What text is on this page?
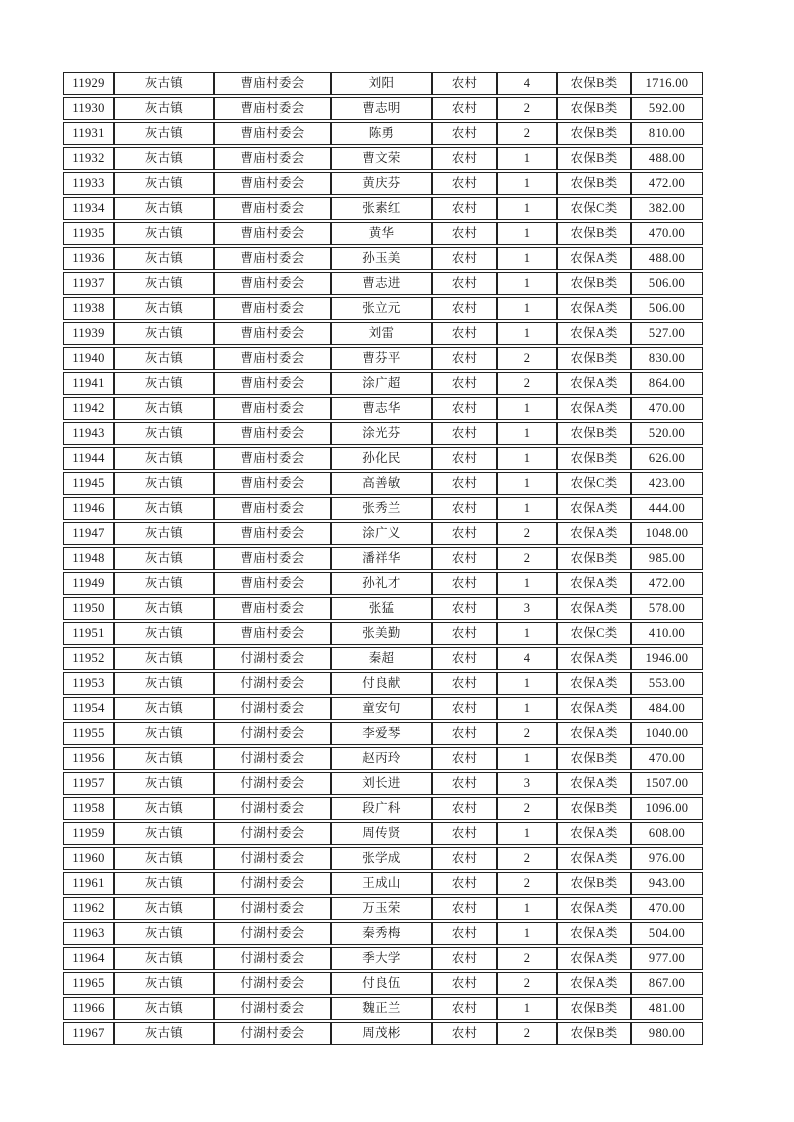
11929	灰古镇	曹庙村委会	刘阳	农村	4	农保B类	1716.00
11930	灰古镇	曹庙村委会	曹志明	农村	2	农保B类	592.00
11931	灰古镇	曹庙村委会	陈勇	农村	2	农保B类	810.00
11932	灰古镇	曹庙村委会	曹文荣	农村	1	农保B类	488.00
11933	灰古镇	曹庙村委会	黄庆芬	农村	1	农保B类	472.00
11934	灰古镇	曹庙村委会	张素红	农村	1	农保C类	382.00
11935	灰古镇	曹庙村委会	黄华	农村	1	农保B类	470.00
11936	灰古镇	曹庙村委会	孙玉美	农村	1	农保A类	488.00
11937	灰古镇	曹庙村委会	曹志进	农村	1	农保B类	506.00
11938	灰古镇	曹庙村委会	张立元	农村	1	农保A类	506.00
11939	灰古镇	曹庙村委会	刘雷	农村	1	农保A类	527.00
11940	灰古镇	曹庙村委会	曹芬平	农村	2	农保B类	830.00
11941	灰古镇	曹庙村委会	涂广超	农村	2	农保A类	864.00
11942	灰古镇	曹庙村委会	曹志华	农村	1	农保A类	470.00
11943	灰古镇	曹庙村委会	涂光芬	农村	1	农保B类	520.00
11944	灰古镇	曹庙村委会	孙化民	农村	1	农保B类	626.00
11945	灰古镇	曹庙村委会	高善敏	农村	1	农保C类	423.00
11946	灰古镇	曹庙村委会	张秀兰	农村	1	农保A类	444.00
11947	灰古镇	曹庙村委会	涂广义	农村	2	农保A类	1048.00
11948	灰古镇	曹庙村委会	潘祥华	农村	2	农保B类	985.00
11949	灰古镇	曹庙村委会	孙礼才	农村	1	农保A类	472.00
11950	灰古镇	曹庙村委会	张猛	农村	3	农保A类	578.00
11951	灰古镇	曹庙村委会	张美勤	农村	1	农保C类	410.00
11952	灰古镇	付湖村委会	秦超	农村	4	农保A类	1946.00
11953	灰古镇	付湖村委会	付良献	农村	1	农保A类	553.00
11954	灰古镇	付湖村委会	童安句	农村	1	农保A类	484.00
11955	灰古镇	付湖村委会	李爱琴	农村	2	农保A类	1040.00
11956	灰古镇	付湖村委会	赵丙玲	农村	1	农保B类	470.00
11957	灰古镇	付湖村委会	刘长进	农村	3	农保A类	1507.00
11958	灰古镇	付湖村委会	段广科	农村	2	农保B类	1096.00
11959	灰古镇	付湖村委会	周传贤	农村	1	农保A类	608.00
11960	灰古镇	付湖村委会	张学成	农村	2	农保A类	976.00
11961	灰古镇	付湖村委会	王成山	农村	2	农保B类	943.00
11962	灰古镇	付湖村委会	万玉荣	农村	1	农保A类	470.00
11963	灰古镇	付湖村委会	秦秀梅	农村	1	农保A类	504.00
11964	灰古镇	付湖村委会	季大学	农村	2	农保A类	977.00
11965	灰古镇	付湖村委会	付良伍	农村	2	农保A类	867.00
11966	灰古镇	付湖村委会	魏正兰	农村	1	农保B类	481.00
11967	灰古镇	付湖村委会	周茂彬	农村	2	农保B类	980.00
